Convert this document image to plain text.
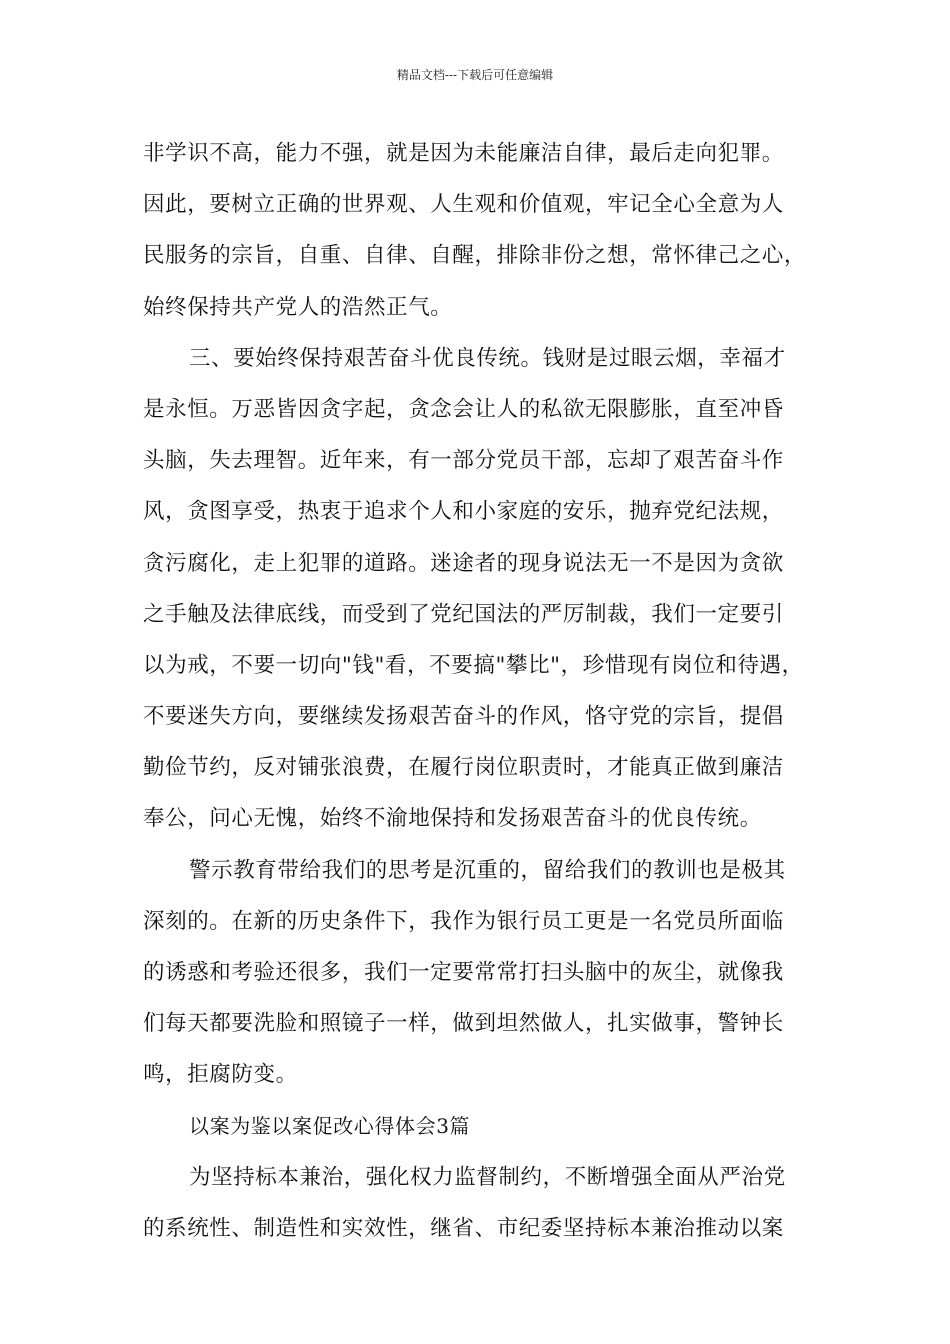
精品文档---下载后可任意编辑
非学识不高，能力不强，就是因为未能廉洁自律，最后走向犯罪。
因此，要树立正确的世界观、人生观和价值观，牢记全心全意为人
民服务的宗旨，自重、自律、自醒，排除非份之想，常怀律己之心，
始终保持共产党人的浩然正气。
三、要始终保持艰苦奋斗优良传统。钱财是过眼云烟，幸福才
是永恒。万恶皆因贪字起，贪念会让人的私欲无限膨胀，直至冲昏
头脑，失去理智。近年来，有一部分党员干部，忘却了艰苦奋斗作
风，贪图享受，热衷于追求个人和小家庭的安乐，抛弃党纪法规，
贪污腐化，走上犯罪的道路。迷途者的现身说法无一不是因为贪欲
之手触及法律底线，而受到了党纪国法的严厉制裁，我们一定要引
以为戒，不要一切向"钱"看，不要搞"攀比"，珍惜现有岗位和待遇，
不要迷失方向，要继续发扬艰苦奋斗的作风，恪守党的宗旨，提倡
勤俭节约，反对铺张浪费，在履行岗位职责时，才能真正做到廉洁
奉公，问心无愧，始终不渝地保持和发扬艰苦奋斗的优良传统。
警示教育带给我们的思考是沉重的，留给我们的教训也是极其
深刻的。在新的历史条件下，我作为银行员工更是一名党员所面临
的诱惑和考验还很多，我们一定要常常打扫头脑中的灰尘，就像我
们每天都要洗脸和照镜子一样，做到坦然做人，扎实做事，警钟长
鸣，拒腐防变。
以案为鉴以案促改心得体会3篇
为坚持标本兼治，强化权力监督制约，不断增强全面从严治党
的系统性、制造性和实效性，继省、市纪委坚持标本兼治推动以案
